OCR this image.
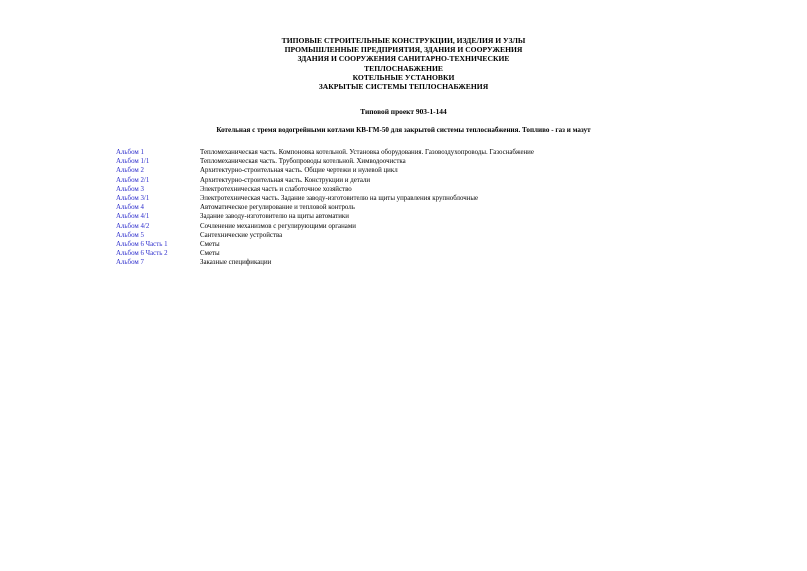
ТИПОВЫЕ СТРОИТЕЛЬНЫЕ КОНСТРУКЦИИ, ИЗДЕЛИЯ И УЗЛЫ
ПРОМЫШЛЕННЫЕ ПРЕДПРИЯТИЯ, ЗДАНИЯ И СООРУЖЕНИЯ
ЗДАНИЯ И СООРУЖЕНИЯ САНИТАРНО-ТЕХНИЧЕСКИЕ
ТЕПЛОСНАБЖЕНИЕ
КОТЕЛЬНЫЕ УСТАНОВКИ
ЗАКРЫТЫЕ СИСТЕМЫ ТЕПЛОСНАБЖЕНИЯ
Типовой проект 903-1-144
Котельная с тремя водогрейными котлами КВ-ГМ-50 для закрытой системы теплоснабжения. Топливо - газ и мазут
Альбом 1	Тепломеханическая часть. Компоновка котельной. Установка оборудования. Газовоздухопроводы. Газоснабжение
Альбом 1/1	Тепломеханическая часть. Трубопроводы котельной. Химводоочистка
Альбом 2	Архитектурно-строительная часть. Общие чертежи и нулевой цикл
Альбом 2/1	Архитектурно-строительная часть. Конструкции и детали
Альбом 3	Электротехническая часть и слаботочное хозяйство
Альбом 3/1	Электротехническая часть. Задание заводу-изготовителю на щиты управления крупноблочные
Альбом 4	Автоматическое регулирование и тепловой контроль
Альбом 4/1	Задание заводу-изготовителю на щиты автоматики
Альбом 4/2	Сочленение механизмов с регулирующими органами
Альбом 5	Сантехнические устройства
Альбом 6 Часть 1	Сметы
Альбом 6 Часть 2	Сметы
Альбом 7	Заказные спецификации
